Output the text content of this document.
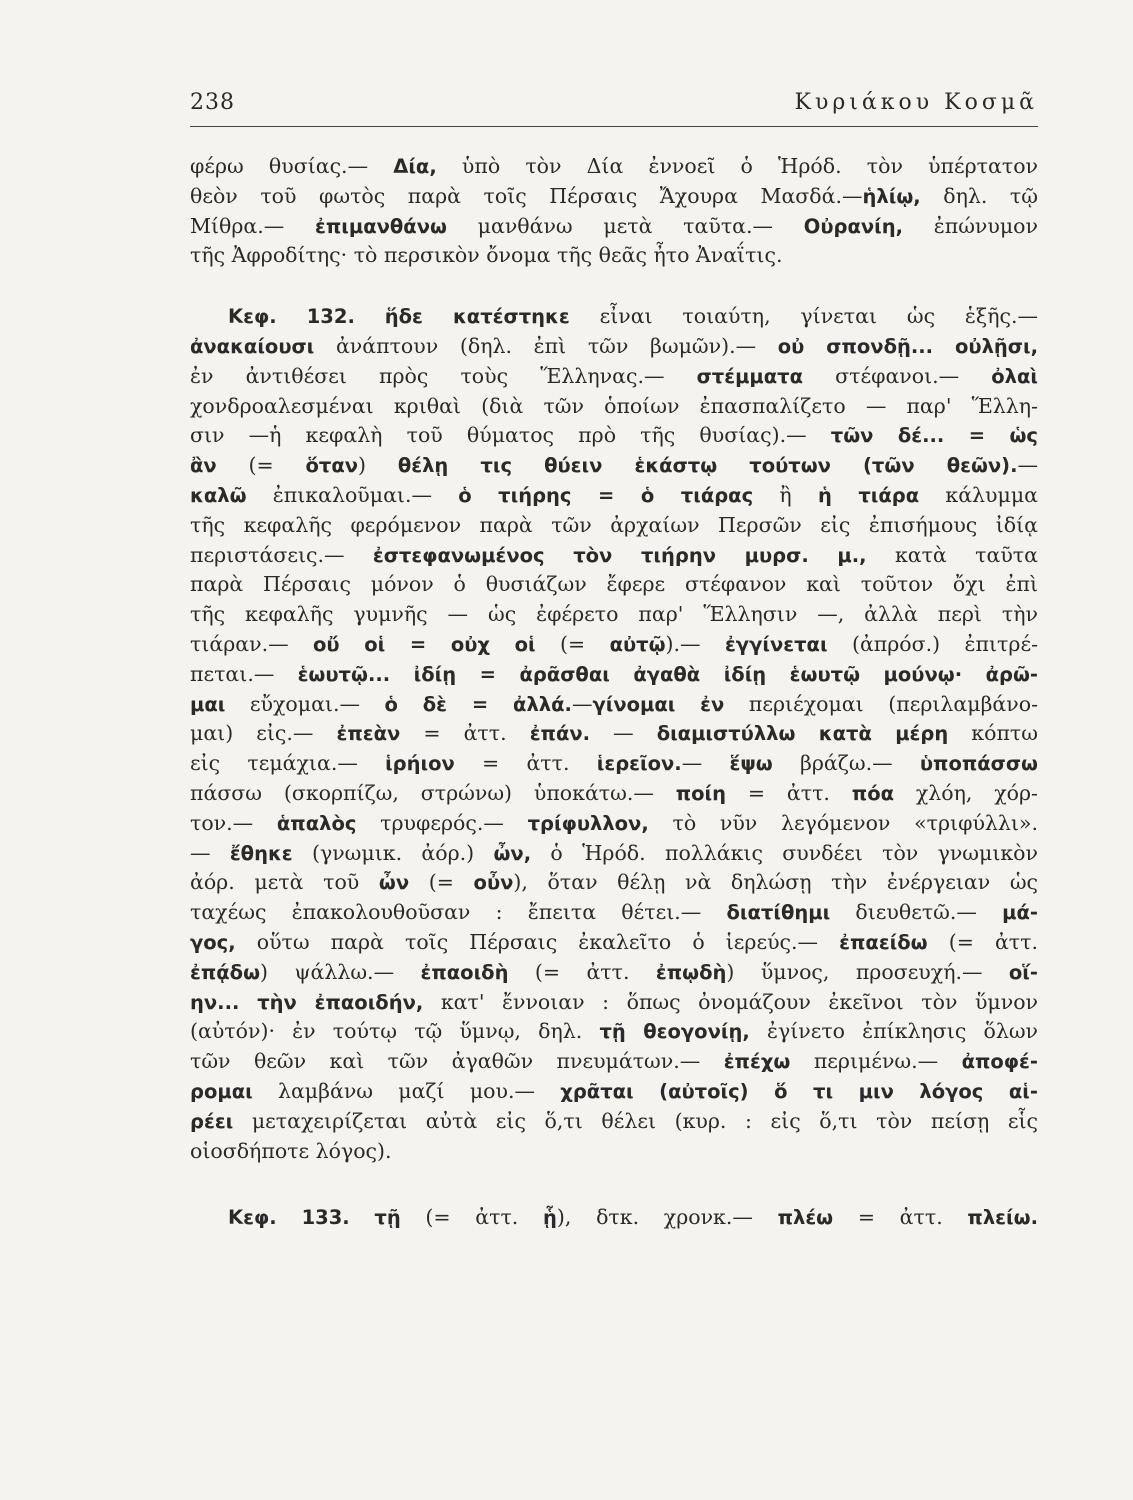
238	Κυριάκου Κοσμᾶ
φέρω θυσίας.— Δία, ὑπὸ τὸν Δία ἐννοεῖ ὁ Ἡρόδ. τὸν ὑπέρτατον
θεὸν τοῦ φωτὸς παρὰ τοῖς Πέρσαις Ἄχουρα Μασδά.—ἡλίῳ, δηλ. τῷ
Μίθρα.— ἐπιμανθάνω μανθάνω μετὰ ταῦτα.— Οὐρανίη, ἐπώνυμον
τῆς Ἀφροδίτης· τὸ περσικὸν ὄνομα τῆς θεᾶς ἦτο Ἀναΐτις.
Κεφ. 132. ἥδε κατέστηκε εἶναι τοιαύτη, γίνεται ὡς ἑξῆς.—
ἀνακαίουσι ἀνάπτουν (δηλ. ἐπὶ τῶν βωμῶν).— οὐ σπονδῇ... οὐλῇσι,
ἐν ἀντιθέσει πρὸς τοὺς Ἕλληνας.— στέμματα στέφανοι.— ὀλαὶ
χονδροαλεσμέναι κριθαὶ (διὰ τῶν ὁποίων ἐπασπαλίζετο — παρ' Ἕλλη-
σιν —ἡ κεφαλὴ τοῦ θύματος πρὸ τῆς θυσίας).— τῶν δέ... = ὡς
ἂν (= ὅταν) θέλῃ τις θύειν ἑκάστῳ τούτων (τῶν θεῶν).—
καλῶ ἐπικαλοῦμαι.— ὁ τιήρης = ὁ τιάρας ἢ ἡ τιάρα κάλυμμα
τῆς κεφαλῆς φερόμενον παρὰ τῶν ἀρχαίων Περσῶν εἰς ἐπισήμους ἰδίᾳ
περιστάσεις.— ἐστεφανωμένος τὸν τιήρην μυρσ. μ., κατὰ ταῦτα
παρὰ Πέρσαις μόνον ὁ θυσιάζων ἔφερε στέφανον καὶ τοῦτον ὄχι ἐπὶ
τῆς κεφαλῆς γυμνῆς — ὡς ἐφέρετο παρ' Ἕλλησιν —, ἀλλὰ περὶ τὴν
τιάραν.— οὔ οἱ = οὐχ οἱ (= αὐτῷ).— ἐγγίνεται (ἀπρόσ.) ἐπιτρέ-
πεται.— ἑωυτῷ... ἰδίῃ = ἀρᾶσθαι ἀγαθὰ ἰδίῃ ἑωυτῷ μούνῳ· ἀρῶ-
μαι εὔχομαι.— ὁ δὲ = ἀλλά.—γίνομαι ἐν περιέχομαι (περιλαμβάνο-
μαι) εἰς.— ἐπεὰν = ἀττ. ἐπάν. — διαμιστύλλω κατὰ μέρη κόπτω
εἰς τεμάχια.— ἱρήιον = ἀττ. ἱερεῖον.— ἕψω βράζω.— ὑποπάσσω
πάσσω (σκορπίζω, στρώνω) ὑποκάτω.— ποίη = ἀττ. πόα χλόη, χόρ-
τον.— ἁπαλὸς τρυφερός.— τρίφυλλον, τὸ νῦν λεγόμενον «τριφύλλι».
— ἔθηκε (γνωμικ. ἀόρ.) ὦν, ὁ Ἡρόδ. πολλάκις συνδέει τὸν γνωμικὸν
ἀόρ. μετὰ τοῦ ὦν (= οὖν), ὅταν θέλῃ νὰ δηλώσῃ τὴν ἐνέργειαν ὡς
ταχέως ἐπακολουθοῦσαν : ἔπειτα θέτει.— διατίθημι διευθετῶ.— μά-
γος, οὕτω παρὰ τοῖς Πέρσαις ἐκαλεῖτο ὁ ἱερεύς.— ἐπαείδω (= ἀττ.
ἐπᾴδω) ψάλλω.— ἐπαοιδὴ (= ἀττ. ἐπῳδὴ) ὕμνος, προσευχή.— οἵ-
ην... τὴν ἐπαοιδήν, κατ' ἔννοιαν : ὅπως ὀνομάζουν ἐκεῖνοι τὸν ὕμνον
(αὐτόν)· ἐν τούτῳ τῷ ὕμνῳ, δηλ. τῇ θεογονίῃ, ἐγίνετο ἐπίκλησις ὅλων
τῶν θεῶν καὶ τῶν ἀγαθῶν πνευμάτων.— ἐπέχω περιμένω.— ἀποφέ-
ρομαι λαμβάνω μαζί μου.— χρᾶται (αὐτοῖς) ὅ τι μιν λόγος αἱ-
ρέει μεταχειρίζεται αὐτὰ εἰς ὅ,τι θέλει (κυρ. : εἰς ὅ,τι τὸν πείσῃ εἷς
οἱοσδήποτε λόγος).
Κεφ. 133. τῇ (= ἀττ. ᾗ), δτκ. χρονκ.— πλέω = ἀττ. πλείω.
